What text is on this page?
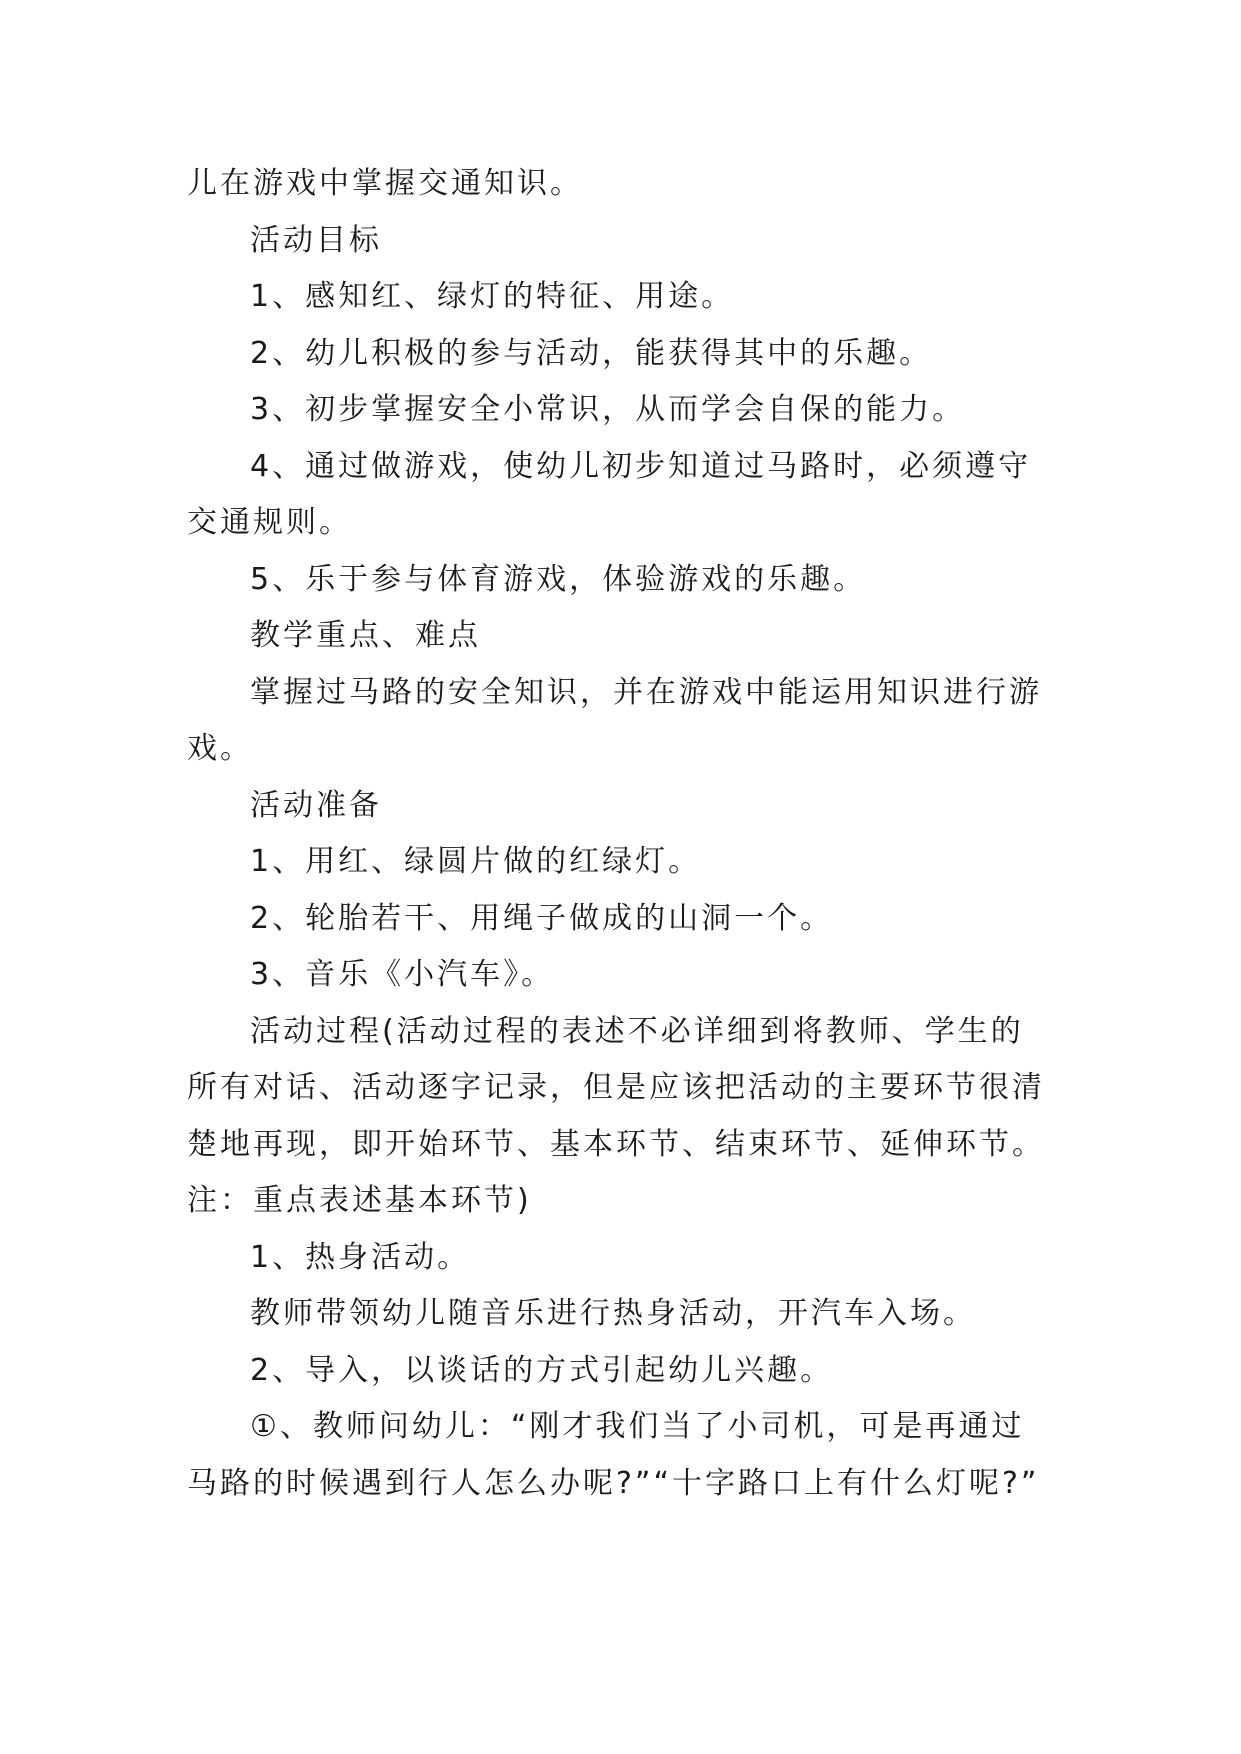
儿在游戏中掌握交通知识。
活动目标
1、感知红、绿灯的特征、用途。
2、幼儿积极的参与活动，能获得其中的乐趣。
3、初步掌握安全小常识，从而学会自保的能力。
4、通过做游戏，使幼儿初步知道过马路时，必须遵守
交通规则。
5、乐于参与体育游戏，体验游戏的乐趣。
教学重点、难点
掌握过马路的安全知识，并在游戏中能运用知识进行游
戏。
活动准备
1、用红、绿圆片做的红绿灯。
2、轮胎若干、用绳子做成的山洞一个。
3、音乐《小汽车》。
活动过程(活动过程的表述不必详细到将教师、学生的
所有对话、活动逐字记录，但是应该把活动的主要环节很清
楚地再现，即开始环节、基本环节、结束环节、延伸环节。
注：重点表述基本环节)
1、热身活动。
教师带领幼儿随音乐进行热身活动，开汽车入场。
2、导入，以谈话的方式引起幼儿兴趣。
①、教师问幼儿：“刚才我们当了小司机，可是再通过
马路的时候遇到行人怎么办呢?”“十字路口上有什么灯呢?”
